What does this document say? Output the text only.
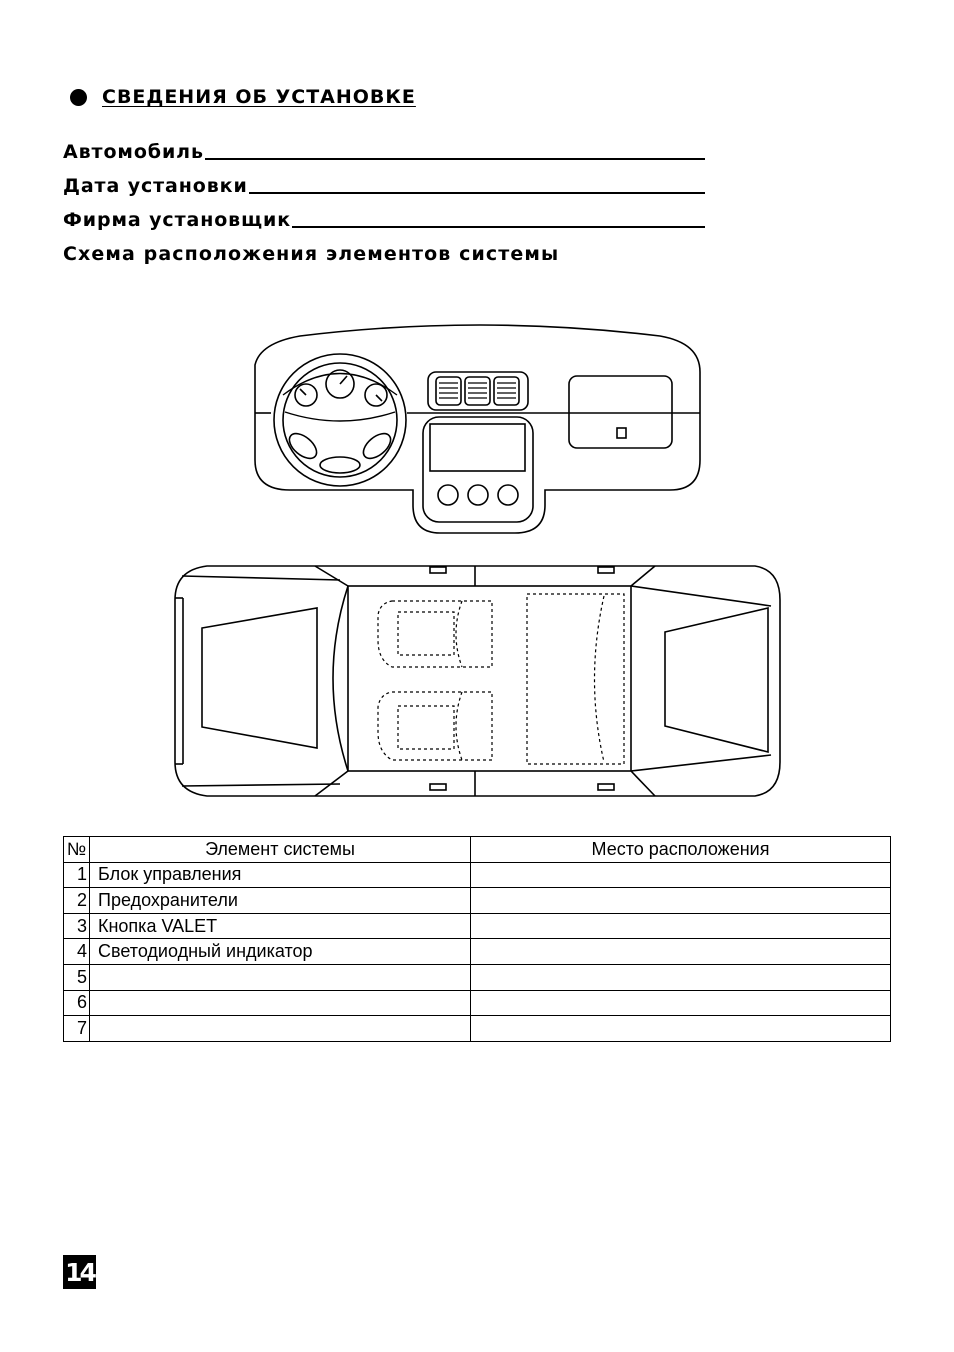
СВЕДЕНИЯ ОБ УСТАНОВКЕ
Автомобиль
Дата установки
Фирма установщик
Схема расположения элементов системы
№	Элемент системы	Место расположения
1	Блок управления	
2	Предохранители	
3	Кнопка VALET	
4	Светодиодный индикатор	
5		
6		
7		
14
